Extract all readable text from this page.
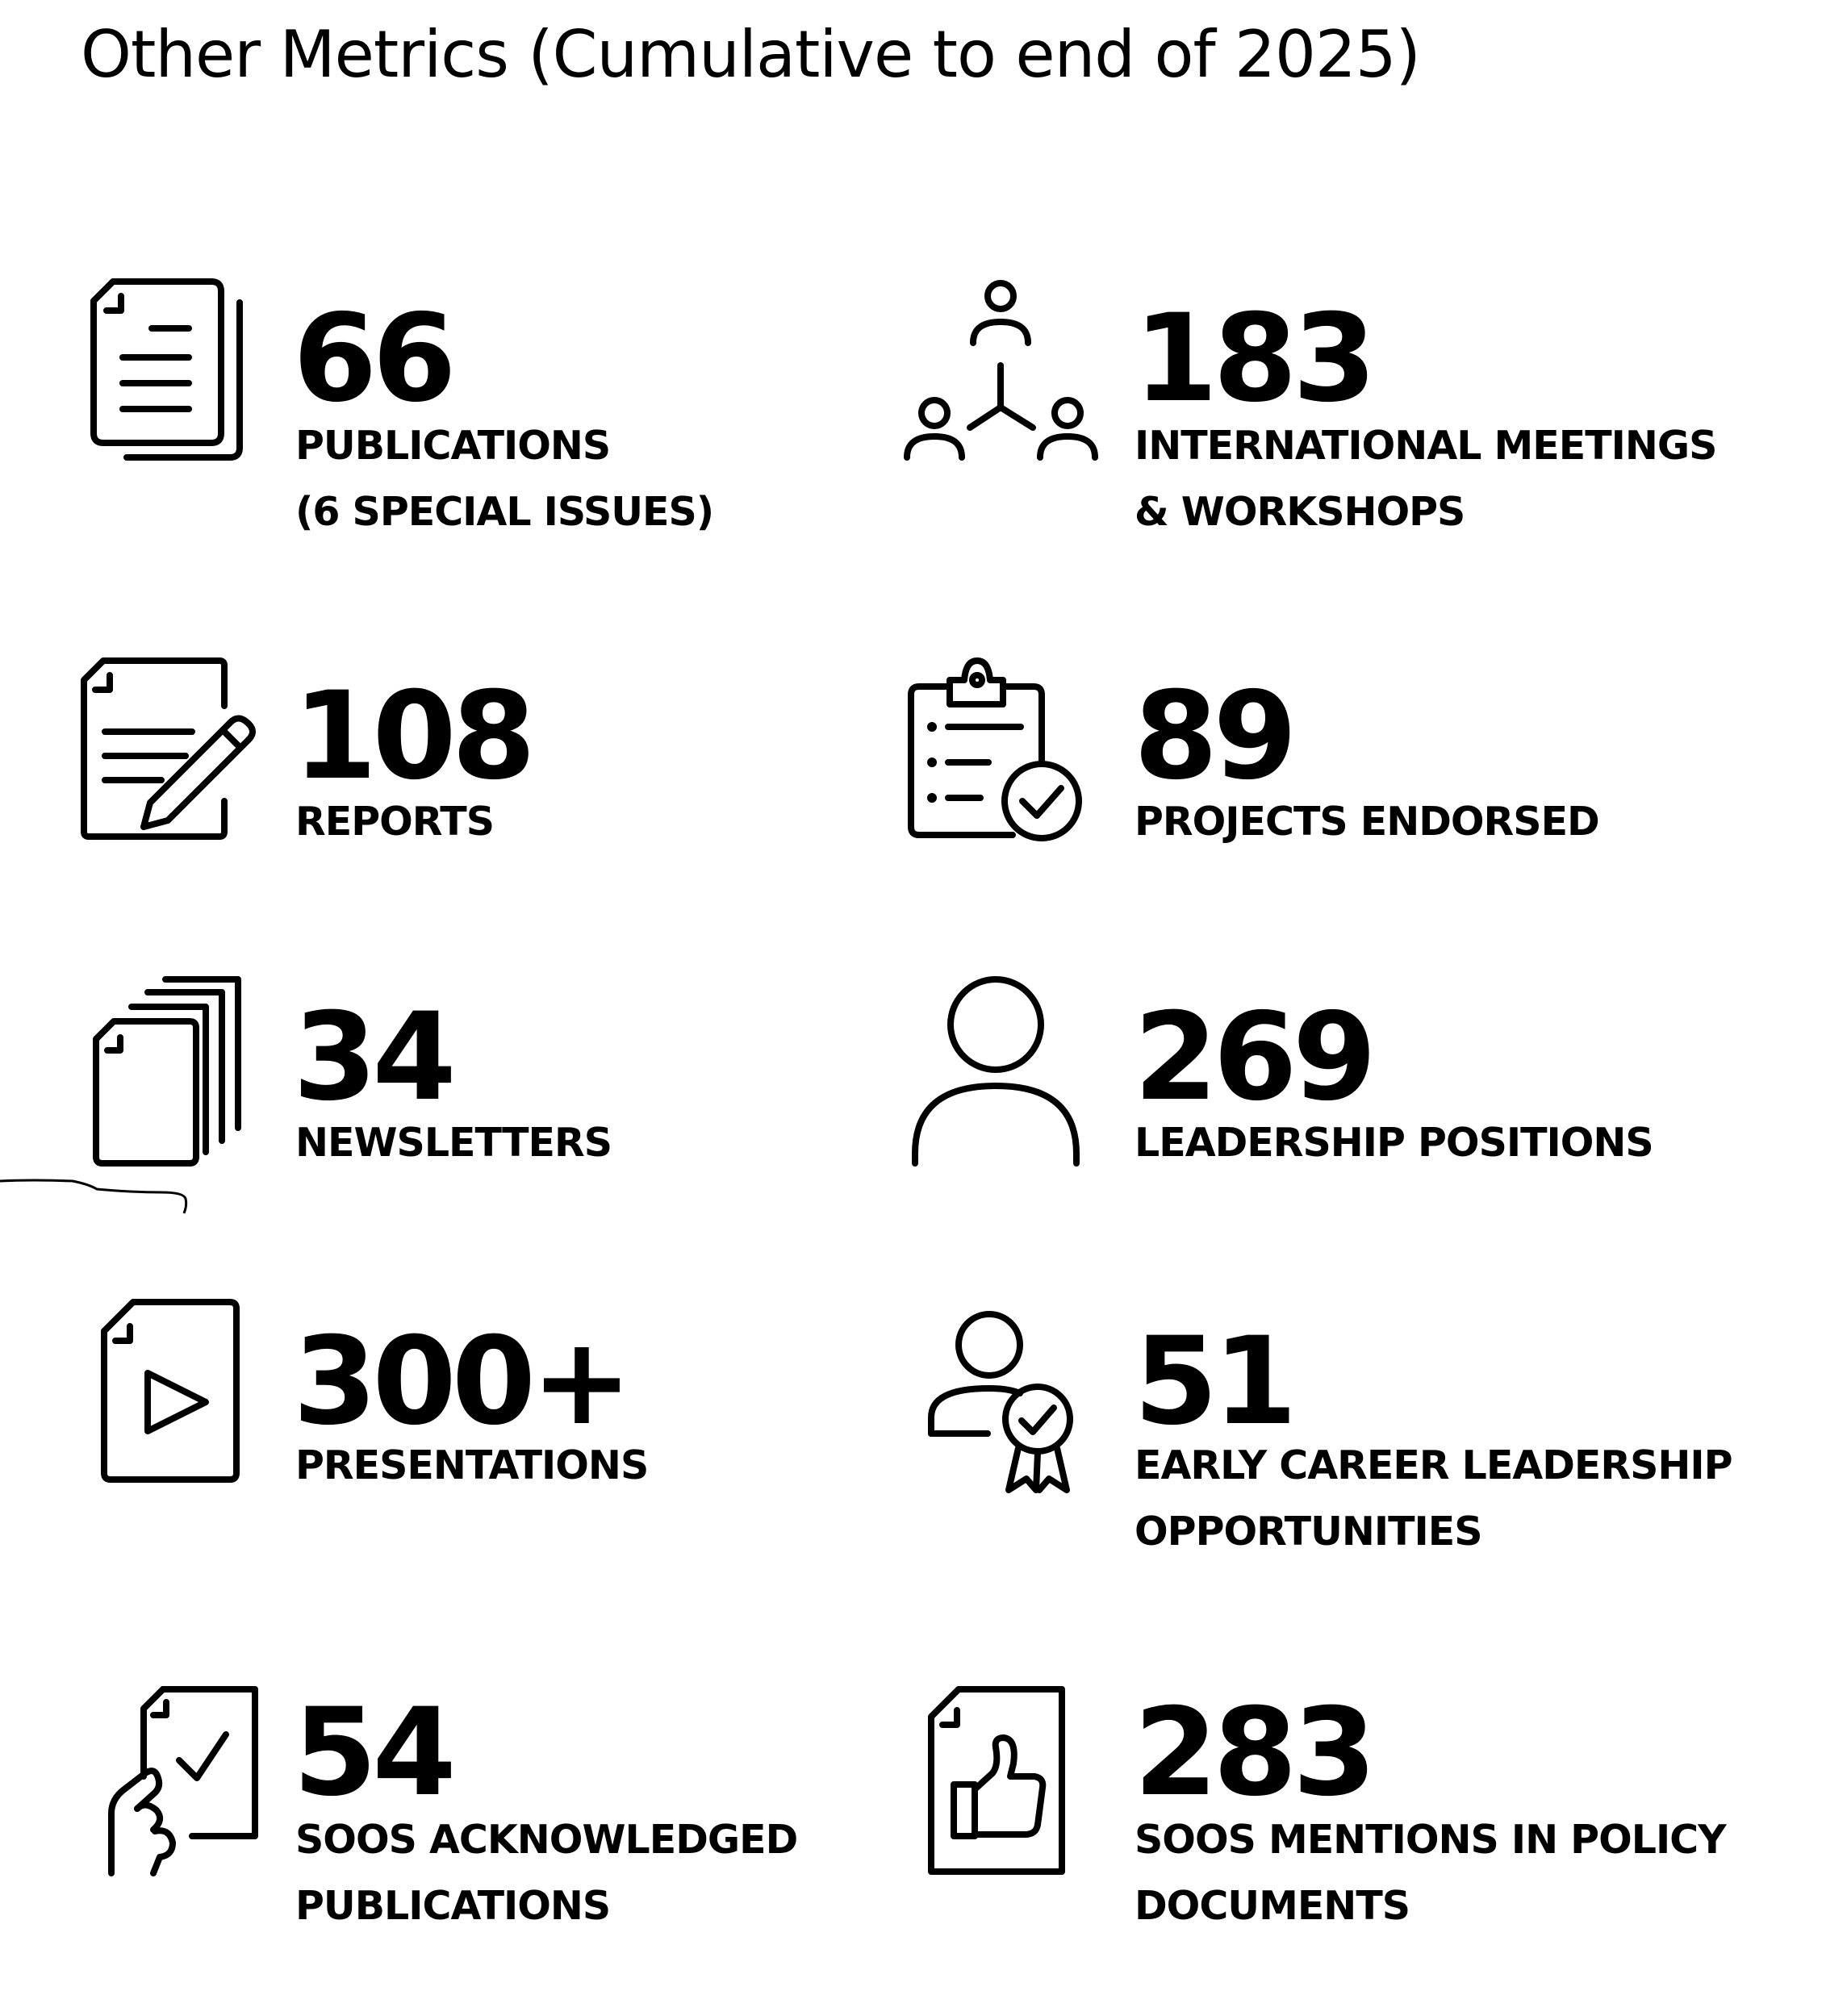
Other Metrics (Cumulative to end of 2025)
66
PUBLICATIONS
(6 SPECIAL ISSUES)
183
INTERNATIONAL MEETINGS
& WORKSHOPS
108
REPORTS
89
PROJECTS ENDORSED
34
NEWSLETTERS
269
LEADERSHIP POSITIONS
300+
PRESENTATIONS
51
EARLY CAREER LEADERSHIP
OPPORTUNITIES
54
SOOS ACKNOWLEDGED
PUBLICATIONS
283
SOOS MENTIONS IN POLICY
DOCUMENTS
